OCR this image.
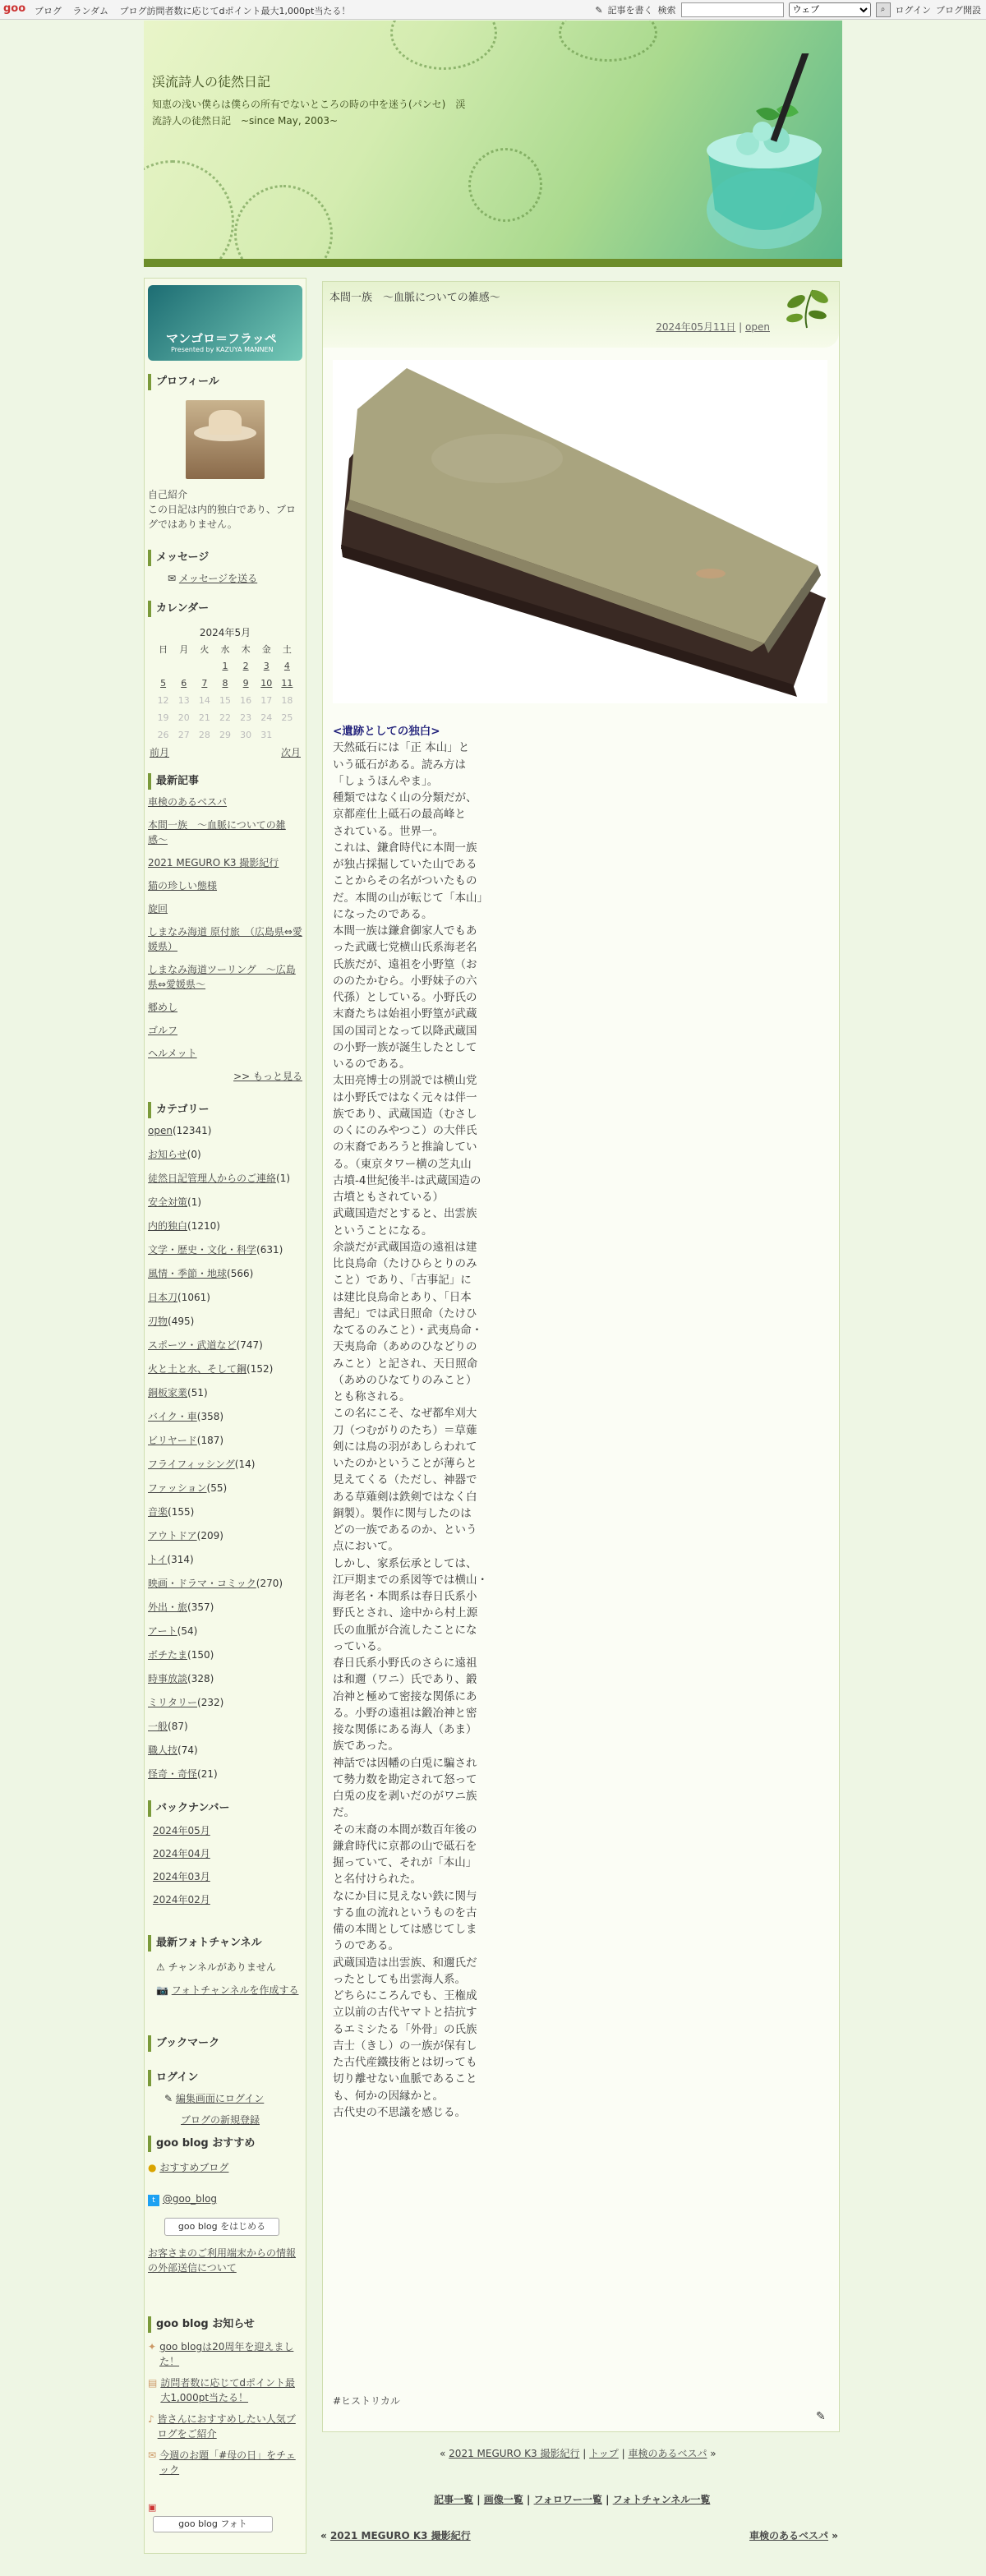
goo ブログ ランダム ブログ訪問者数に応じてdポイント最大1,000pt当たる！	✎ 記事を書く 検索
ウェブ	⌕	ログイン ブログ開設
渓流詩人の徒然日記
知恵の浅い僕らは僕らの所有でないところの時の中を迷う(パンセ)　渓流詩人の徒然日記　~since May, 2003~
マンゴロ＝フラッペ
Presented by KAZUYA MANNEN
プロフィール
自己紹介
この日記は内的独白であり、ブログではありません。
メッセージ
✉ メッセージを送る
カレンダー
2024年5月
日	月	火	水	木	金	土
			1	2	3	4
5	6	7	8	9	10	11
12	13	14	15	16	17	18
19	20	21	22	23	24	25
26	27	28	29	30	31	
前月	次月
最新記事
車検のあるベスパ
本間一族　〜血脈についての雑感〜
2021 MEGURO K3 撮影紀行
猫の珍しい態様
旋回
しまなみ海道 原付旅　（広島県⇔愛媛県）
しまなみ海道ツーリング　〜広島県⇔愛媛県〜
郷めし
ゴルフ
ヘルメット
>> もっと見る
カテゴリー
open(12341)
お知らせ(0)
徒然日記管理人からのご連絡(1)
安全対策(1)
内的独白(1210)
文学・歴史・文化・科学(631)
風情・季節・地球(566)
日本刀(1061)
刃物(495)
スポーツ・武道など(747)
火と土と水、そして鋼(152)
銅板家業(51)
バイク・車(358)
ビリヤード(187)
フライフィッシング(14)
ファッション(55)
音楽(155)
アウトドア(209)
トイ(314)
映画・ドラマ・コミック(270)
外出・旅(357)
アート(54)
ボチたま(150)
時事放談(328)
ミリタリー(232)
一般(87)
職人技(74)
怪奇・奇怪(21)
バックナンバー
2024年05月
2024年04月
2024年03月
2024年02月
最新フォトチャンネル
⚠ チャンネルがありません
📷 フォトチャンネルを作成する
ブックマーク
ログイン
✎ 編集画面にログイン
ブログの新規登録
goo blog おすすめ
● おすすめブログ
t @goo_blog
goo blog をはじめる
お客さまのご利用端末からの情報の外部送信について
goo blog お知らせ
✦ goo blogは20周年を迎えました！
▤ 訪問者数に応じてdポイント最大1,000pt当たる！
♪ 皆さんにおすすめしたい人気ブログをご紹介
✉ 今週のお題「#母の日」をチェック
▣
goo blog フォト
本間一族　〜血脈についての雑感〜
2024年05月11日 | open
<遺跡としての独白>
天然砥石には「正 本山」と
いう砥石がある。読み方は
「しょうほんやま」。
種類ではなく山の分類だが、
京都産仕上砥石の最高峰と
されている。世界一。
これは、鎌倉時代に本間一族
が独占採掘していた山である
ことからその名がついたもの
だ。本間の山が転じて「本山」
になったのである。
本間一族は鎌倉御家人でもあ
った武蔵七党横山氏系海老名
氏族だが、遠祖を小野篁（お
ののたかむら。小野妹子の六
代孫）としている。小野氏の
末裔たちは始祖小野篁が武蔵
国の国司となって以降武蔵国
の小野一族が誕生したとして
いるのである。
太田亮博士の別説では横山党
は小野氏ではなく元々は伴一
族であり、武蔵国造（むさし
のくにのみやつこ）の大伴氏
の末裔であろうと推論してい
る。（東京タワー横の芝丸山
古墳-4世紀後半-は武蔵国造の
古墳ともされている）
武蔵国造だとすると、出雲族
ということになる。
余談だが武蔵国造の遠祖は建
比良鳥命（たけひらとりのみ
こと）であり、「古事記」に
は建比良鳥命とあり、「日本
書紀」では武日照命（たけひ
なてるのみこと）・武夷鳥命・
天夷鳥命（あめのひなどりの
みこと）と記され、天日照命
（あめのひなてりのみこと）
とも称される。
この名にこそ、なぜ都牟刈大
刀（つむがりのたち）＝草薙
剣には鳥の羽があしらわれて
いたのかということが薄らと
見えてくる（ただし、神器で
ある草薙剣は鉄剣ではなく白
銅製）。製作に関与したのは
どの一族であるのか、という
点において。
しかし、家系伝承としては、
江戸期までの系図等では横山・
海老名・本間系は春日氏系小
野氏とされ、途中から村上源
氏の血脈が合流したことにな
っている。
春日氏系小野氏のさらに遠祖
は和邇（ワニ）氏であり、鍛
冶神と極めて密接な関係にあ
る。小野の遠祖は鍛冶神と密
接な関係にある海人（あま）
族であった。
神話では因幡の白兎に騙され
て勢力数を勘定されて怒って
白兎の皮を剥いだのがワニ族
だ。
その末裔の本間が数百年後の
鎌倉時代に京都の山で砥石を
掘っていて、それが「本山」
と名付けられた。
なにか目に見えない鉄に関与
する血の流れというものを古
備の本間としては感じてしま
うのである。
武蔵国造は出雲族、和邇氏だ
ったとしても出雲海人系。
どちらにころんでも、王権成
立以前の古代ヤマトと拮抗す
るエミシたる「外骨」の氏族
吉士（きし）の一族が保有し
た古代産鐵技術とは切っても
切り離せない血脈であること
も、何かの因縁かと。
古代史の不思議を感じる。
#ヒストリカル
✎
« 2021 MEGURO K3 撮影紀行 | トップ | 車検のあるベスパ »
記事一覧 | 画像一覧 | フォロワー一覧 | フォトチャンネル一覧
« 2021 MEGURO K3 撮影紀行	車検のあるベスパ »
